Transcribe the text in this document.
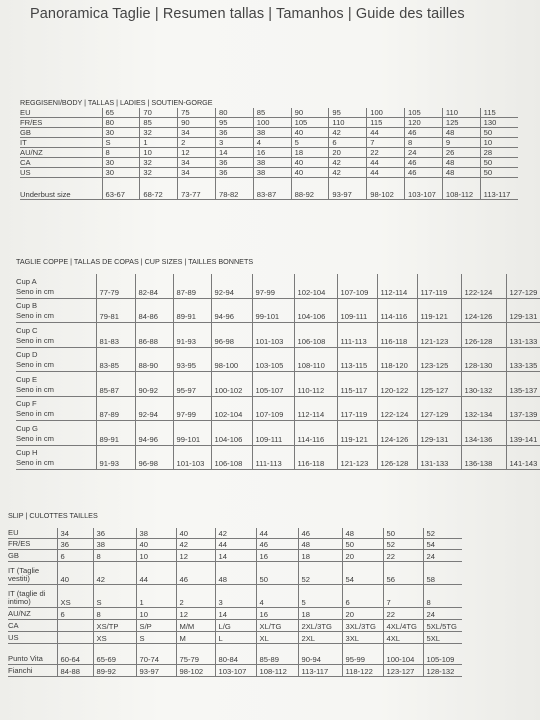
Panoramica Taglie | Resumen tallas | Tamanhos | Guide des tailles
REGGISENI/BODY | TALLAS | LADIES | SOUTIEN-GORGE
EU	65	70	75	80	85	90	95	100	105	110	115
FR/ES	80	85	90	95	100	105	110	115	120	125	130
GB	30	32	34	36	38	40	42	44	46	48	50
IT	S	1	2	3	4	5	6	7	8	9	10
AU/NZ	8	10	12	14	16	18	20	22	24	26	28
CA	30	32	34	36	38	40	42	44	46	48	50
US	30	32	34	36	38	40	42	44	46	48	50

Underbust size	63-67	68-72	73-77	78-82	83-87	88-92	93-97	98-102	103-107	108-112	113-117
TAGLIE COPPE | TALLAS DE COPAS | CUP SIZES | TAILLES BONNETS
Cup A
Seno in cm	77-79	82-84	87-89	92-94	97-99	102-104	107-109	112-114	117-119	122-124	127-129
Cup B
Seno in cm	79-81	84-86	89-91	94-96	99-101	104-106	109-111	114-116	119-121	124-126	129-131
Cup C
Seno in cm	81-83	86-88	91-93	96-98	101-103	106-108	111-113	116-118	121-123	126-128	131-133
Cup D
Seno in cm	83-85	88-90	93-95	98-100	103-105	108-110	113-115	118-120	123-125	128-130	133-135
Cup E
Seno in cm	85-87	90-92	95-97	100-102	105-107	110-112	115-117	120-122	125-127	130-132	135-137
Cup F
Seno in cm	87-89	92-94	97-99	102-104	107-109	112-114	117-119	122-124	127-129	132-134	137-139
Cup G
Seno in cm	89-91	94-96	99-101	104-106	109-111	114-116	119-121	124-126	129-131	134-136	139-141
Cup H
Seno in cm	91-93	96-98	101-103	106-108	111-113	116-118	121-123	126-128	131-133	136-138	141-143
SLIP | CULOTTES TAILLES
EU	34	36	38	40	42	44	46	48	50	52
FR/ES	36	38	40	42	44	46	48	50	52	54
GB	6	8	10	12	14	16	18	20	22	24
IT (Taglie vestiti)	40	42	44	46	48	50	52	54	56	58
IT (taglie di intimo)	XS	S	1	2	3	4	5	6	7	8
AU/NZ	6	8	10	12	14	16	18	20	22	24
CA		XS/TP	S/P	M/M	L/G	XL/TG	2XL/3TG	3XL/3TG	4XL/4TG	5XL/5TG
US		XS	S	M	L	XL	2XL	3XL	4XL	5XL

Punto Vita	60-64	65-69	70-74	75-79	80-84	85-89	90-94	95-99	100-104	105-109
Fianchi	84-88	89-92	93-97	98-102	103-107	108-112	113-117	118-122	123-127	128-132
